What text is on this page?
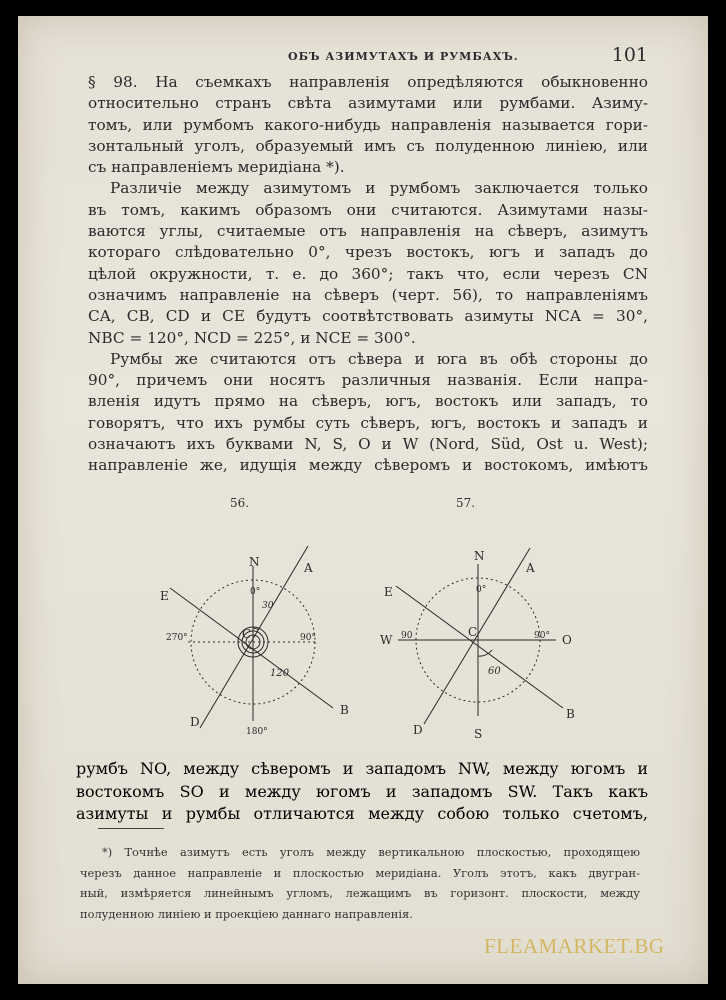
ОБЪ АЗИМУТАХЪ И РУМБАХЪ.	101
§ 98. На съемкахъ направленія опредѣляются обыкновенно
относительно странъ свѣта азимутами или румбами. Азиму-
томъ, или румбомъ какого-нибудь направленія называется гори-
зонтальный уголъ, образуемый имъ съ полуденною линіею, или
съ направленіемъ меридіана *).
Различіе между азимутомъ и румбомъ заключается только
въ томъ, какимъ образомъ они считаются. Азимутами назы-
ваются углы, считаемые отъ направленія на сѣверъ, азимутъ
котораго слѣдовательно 0°, чрезъ востокъ, югъ и западъ до
цѣлой окружности, т. е. до 360°; такъ что, если черезъ CN
означимъ направленіе на сѣверъ (черт. 56), то направленіямъ
CA, CB, CD и CE будутъ соотвѣтствовать азимуты NCA = 30°,
NBC = 120°, NCD = 225°, и NCE = 300°.
Румбы же считаются отъ сѣвера и юга въ обѣ стороны до
90°, причемъ они носятъ различныя названія. Если напра-
вленія идутъ прямо на сѣверъ, югъ, востокъ или западъ, то
говорятъ, что ихъ румбы суть сѣверъ, югъ, востокъ и западъ и
означаютъ ихъ буквами N, S, O и W (Nord, Süd, Ost u. West);
направленіе же, идущія между сѣверомъ и востокомъ, имѣютъ
56.	57.
N	A
E
C
B
D
0°
30
90°
120
180°
270°
N
A
E
W
C
O
B
D	S
0°
90	90°
60
румбъ NO, между сѣверомъ и западомъ NW, между югомъ и
востокомъ SO и между югомъ и западомъ SW. Такъ какъ
азимуты и румбы отличаются между собою только счетомъ,
*) Точнѣе азимутъ есть уголъ между вертикальною плоскостью, проходящею
черезъ данное направленіе и плоскостью меридіана. Уголъ этотъ, какъ двугран-
ный, измѣряется линейнымъ угломъ, лежащимъ въ горизонт. плоскости, между
полуденною линіею и проекціею даннаго направленія.
FLEAMARKET.BG
